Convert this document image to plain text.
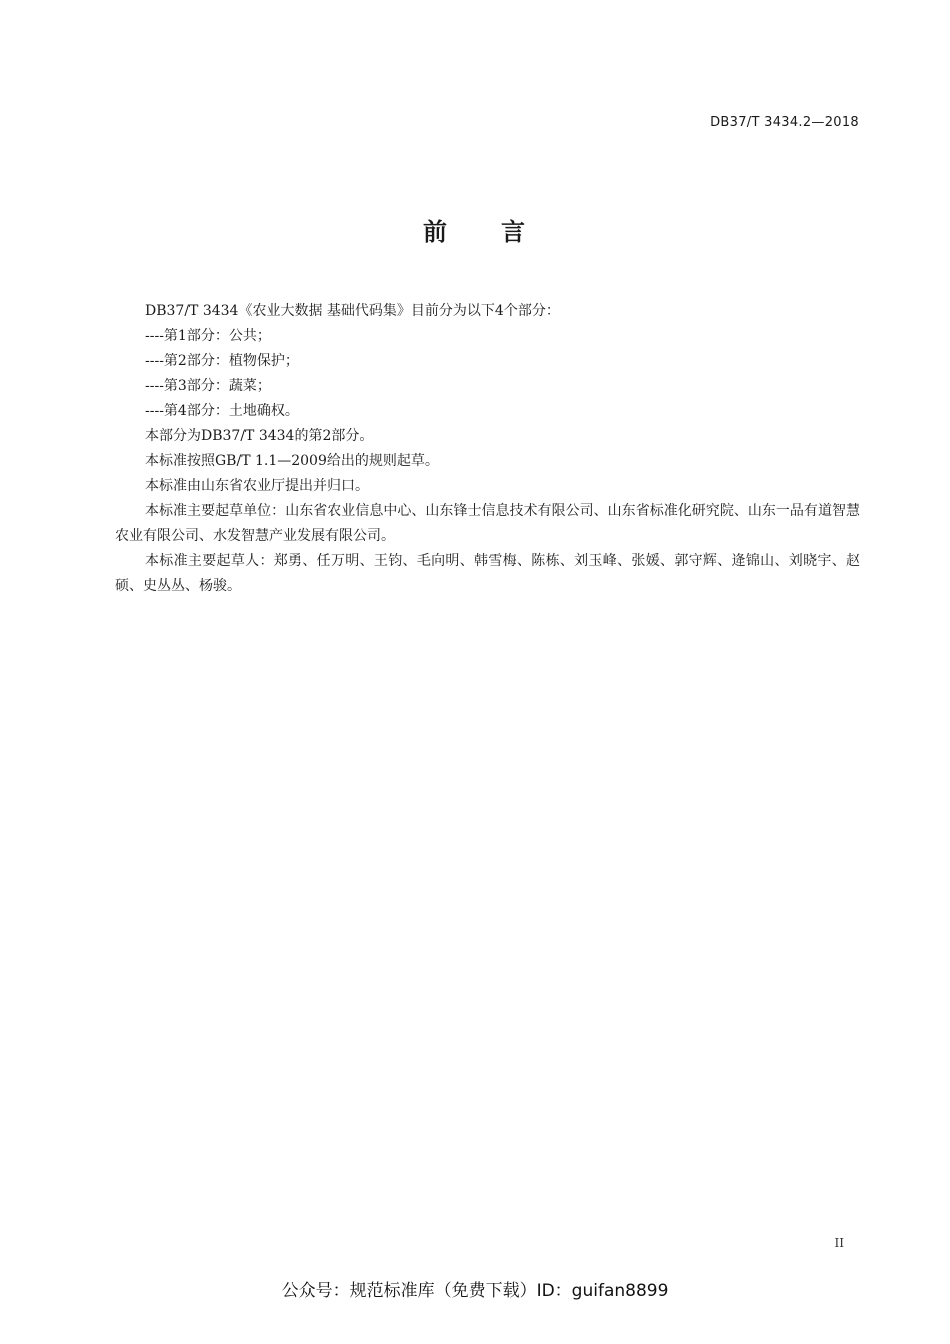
DB37/T 3434.2—2018
前 言

DB37/T 3434《农业大数据 基础代码集》目前分为以下4个部分：

----第1部分：公共；

----第2部分：植物保护；

----第3部分：蔬菜；

----第4部分：土地确权。

本部分为DB37/T 3434的第2部分。

本标准按照GB/T 1.1—2009给出的规则起草。

本标准由山东省农业厅提出并归口。

本标准主要起草单位：山东省农业信息中心、山东锋士信息技术有限公司、山东省标准化研究院、山东一品有道智慧农业有限公司、水发智慧产业发展有限公司。

本标准主要起草人：郑勇、任万明、王钧、毛向明、韩雪梅、陈栋、刘玉峰、张媛、郭守辉、逄锦山、刘晓宇、赵硕、史丛丛、杨骏。

II
公众号：规范标准库（免费下载）ID：guifan8899
